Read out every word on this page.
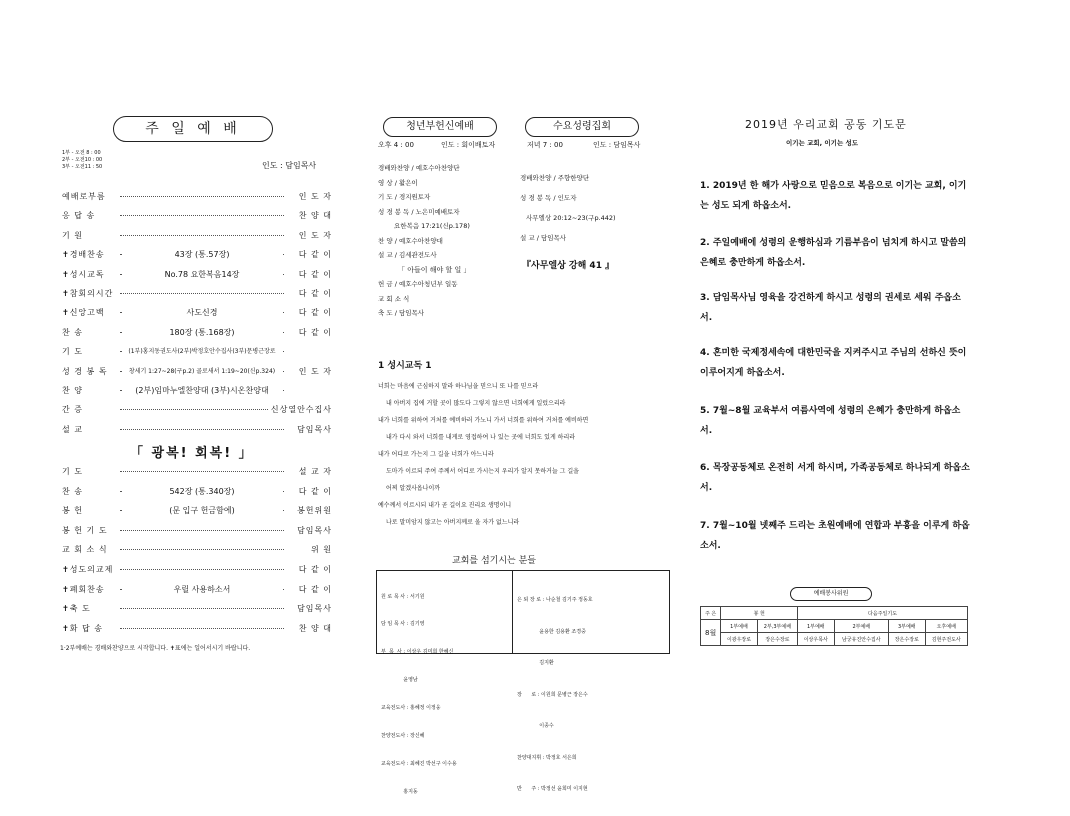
주 일 예 배
1부 - 오전 8 : 00
2부 - 오전10 : 00
3부 - 오전11 : 50	인도 : 담임목사
예배로부름	인 도 자
응 답 송	찬 양 대
기 원	인 도 자
✝경배찬송	43장 (통.57장)	다 같 이
✝성시교독	No.78 요한복음14장	다 같 이
✝참회의시간	다 같 이
✝신앙고백	사도신경	다 같 이
찬 송	180장 (통.168장)	다 같 이
기 도	(1부)홍지동권도사(2부)박정호안수집사(3부)문병근장로
성 경 봉 독	창세기 1:27~28(구p.2) 골로새서 1:19~20(신p.324)	인 도 자
찬 양	(2부)임마누엘찬양대 (3부)시온찬양대
간 증	신상열안수집사
설 교	담임목사
「 광복! 회복! 」
기 도	설 교 자
찬 송	542장 (통.340장)	다 같 이
봉 헌	(문 입구 헌금함에)	봉헌위원
봉 헌 기 도	담임목사
교 회 소 식	위 원
✝성도의교제	다 같 이
✝폐회찬송	우릴 사용하소서	다 같 이
✝축 도	담임목사
✝화 답 송	찬 양 대
1·2부예배는 경배와찬양으로 시작합니다. ✝표에는 일어서시기 바랍니다.
청년부헌신예배	수요성령집회
오후 4 : 00	인도 : 회이배토자	저녁 7 : 00	인도 : 담임목사
경배와찬양 / 예호수아찬양단
영 상 / 활은이
기 도 / 경지원토자
성 경 봉 독 / 노은미예배토자
요한복음 17:21(신p.178)
찬 양 / 예호수아찬양대
설 교 / 김세관전도사
「 아들이 해야 할 일 」
헌 금 / 예호수아청년부 일동
교 회 소 식
축 도 / 담임목사
경배와찬양 / 주향한양단
성 경 봉 독 / 인도자
사무엘상 20:12~23(구p.442)
설 교 / 담임목사
『사무엘상 강해 41 』
1 성시교독 1
너희는 마음에 근심하지 말라 하나님을 믿으니 또 나를 믿으라
내 아버지 집에 거할 곳이 많도다 그렇지 않으면 너희에게 일렀으리라
내가 너희를 위하여 거처를 예비하러 가노니 가서 너희를 위하여 거처를 예비하면
내가 다시 와서 너희를 내게로 영접하여 나 있는 곳에 너희도 있게 하리라
내가 어디로 가는지 그 길을 너희가 아느니라
도마가 이르되 주여 주께서 어디로 가시는지 우리가 알지 못하거늘 그 길을
어찌 알겠사옵나이까
예수께서 이르시되 내가 곧 길이요 진리요 생명이니
나로 말미암지 않고는 아버지께로 올 자가 없느니라
교회를 섬기시는 분들

원 로 목 사 : 서기원

담 임 목 사 : 김기영

부  목  사 : 이상우 김미희 한혜신

윤영남

교육전도사 : 홍혜정 이정웅

찬양전도사 : 장신혜

교육전도사 : 최혜진 박선구 이수용

홍지동

은 퇴 장 로 : 나순철 김기주 정동호

윤용한 김용환 조경중

김지환

장      로 : 이원희 문병근 장은수

이종수

찬양대지휘 : 박정호 서은희

반      주 : 박정선 윤희미 이지현

2019년 우리교회 공동 기도문
이기는 교회, 이기는 성도
1. 2019년 한 해가 사랑으로 믿음으로 복음으로 이기는 교회, 이기는 성도 되게 하옵소서.
2. 주일예배에 성령의 운행하심과 기름부음이 넘치게 하시고 말씀의 은혜로 충만하게 하옵소서.
3. 담임목사님 영육을 강건하게 하시고 성령의 권세로 세워 주옵소서.
4. 혼미한 국제정세속에 대한민국을 지켜주시고 주님의 선하신 뜻이 이루어지게 하옵소서.
5. 7월~8월 교육부서 여름사역에 성령의 은혜가 충만하게 하옵소서.
6. 목장공동체로 온전히 서게 하시며, 가족공동체로 하나되게 하옵소서.
7. 7월~10월 넷째주 드리는 초원예배에 연합과 부흥을 이루게 하옵소서.
예배봉사위원
주 은	봉 헌		다음주일기도			
8월	1부예배	2부,3부예배	1부예배	2부예배	3부예배	오후예배
	이광우장로	장은수장로	이상우목사	남궁유진안수집사	장은수장로	김현주전도사
